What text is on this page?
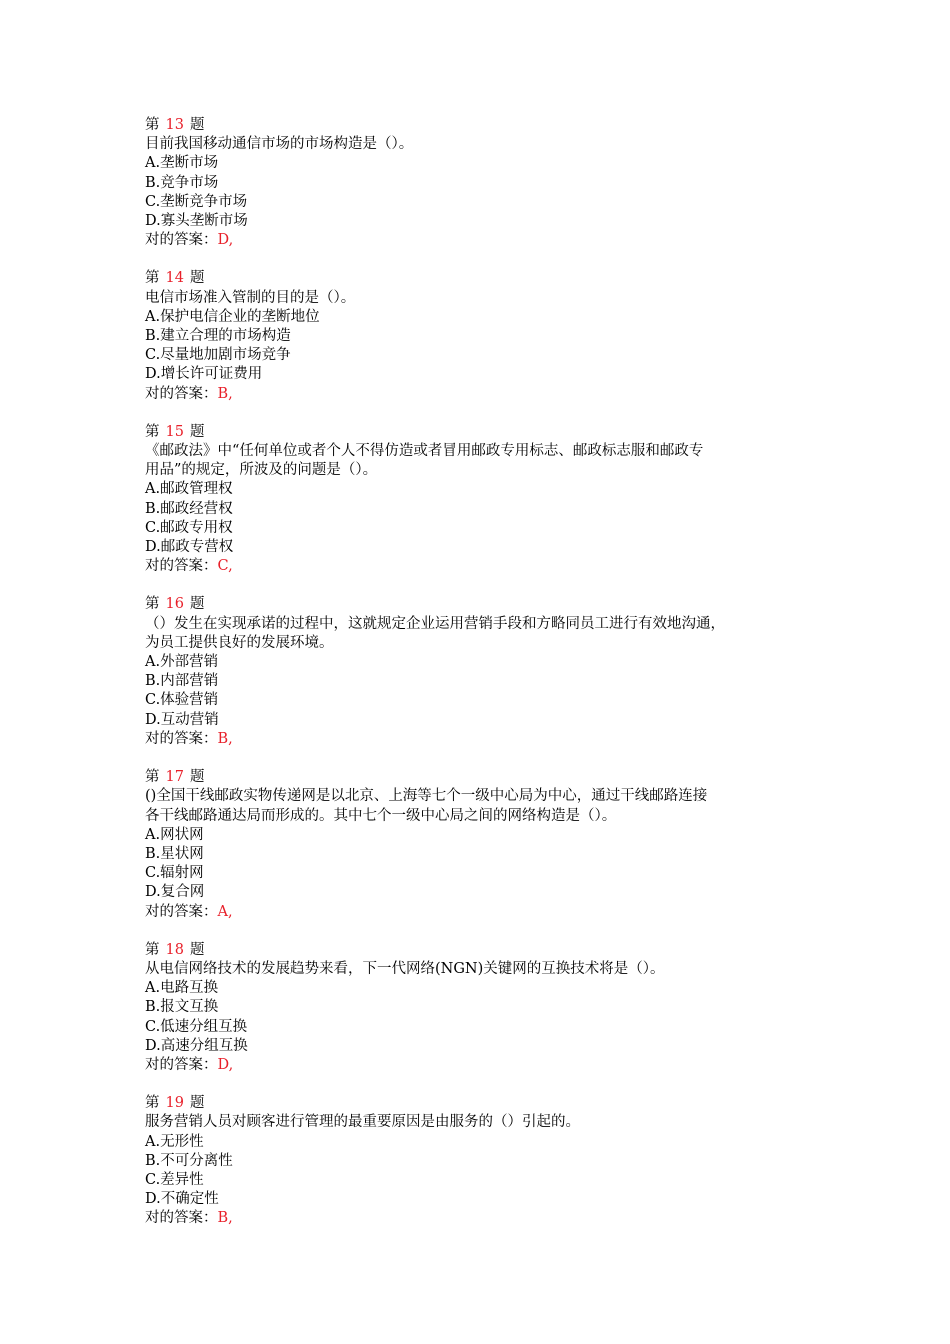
第 13 题
目前我国移动通信市场的市场构造是（）。
A.垄断市场
B.竞争市场
C.垄断竞争市场
D.寡头垄断市场
对的答案：D,
第 14 题
电信市场准入管制的目的是（）。
A.保护电信企业的垄断地位
B.建立合理的市场构造
C.尽量地加剧市场竞争
D.增长许可证费用
对的答案：B,
第 15 题
《邮政法》中“任何单位或者个人不得仿造或者冒用邮政专用标志、邮政标志服和邮政专
用品”的规定，所波及的问题是（）。
A.邮政管理权
B.邮政经营权
C.邮政专用权
D.邮政专营权
对的答案：C,
第 16 题
（）发生在实现承诺的过程中，这就规定企业运用营销手段和方略同员工进行有效地沟通，
为员工提供良好的发展环境。
A.外部营销
B.内部营销
C.体验营销
D.互动营销
对的答案：B,
第 17 题
()全国干线邮政实物传递网是以北京、上海等七个一级中心局为中心，通过干线邮路连接
各干线邮路通达局而形成的。其中七个一级中心局之间的网络构造是（）。
A.网状网
B.星状网
C.辐射网
D.复合网
对的答案：A,
第 18 题
从电信网络技术的发展趋势来看，下一代网络(NGN)关键网的互换技术将是（）。
A.电路互换
B.报文互换
C.低速分组互换
D.高速分组互换
对的答案：D,
第 19 题
服务营销人员对顾客进行管理的最重要原因是由服务的（）引起的。
A.无形性
B.不可分离性
C.差异性
D.不确定性
对的答案：B,
